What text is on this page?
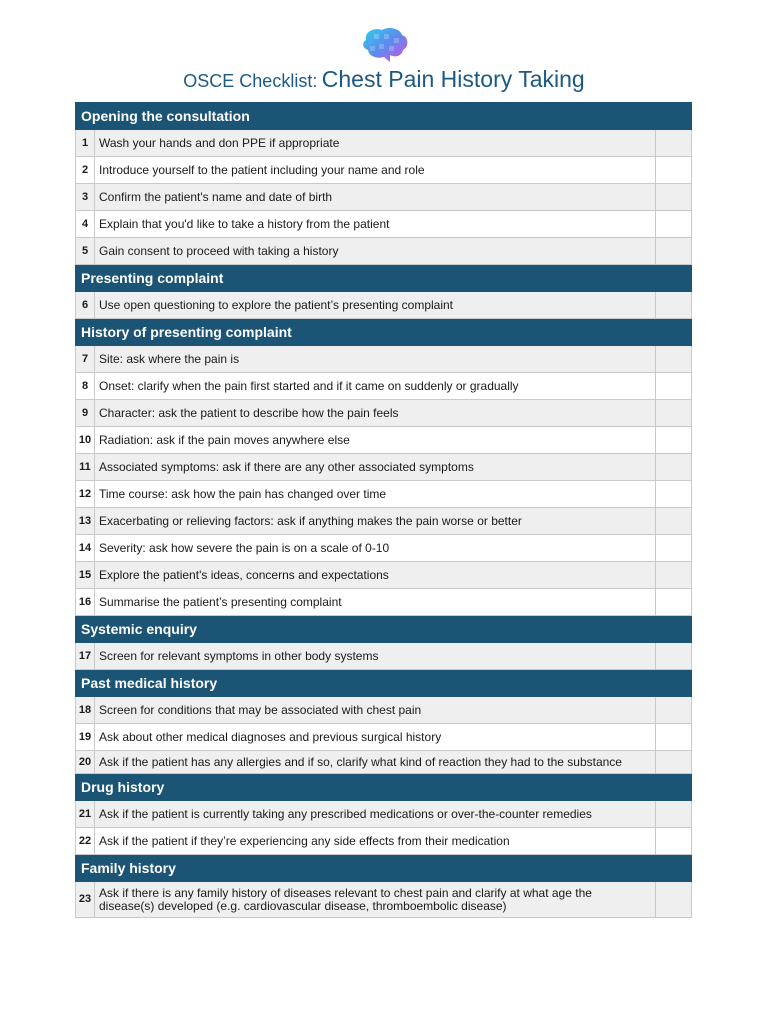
OSCE Checklist: Chest Pain History Taking
Opening the consultation		
1	Wash your hands and don PPE if appropriate	
2	Introduce yourself to the patient including your name and role	
3	Confirm the patient's name and date of birth	
4	Explain that you'd like to take a history from the patient	
5	Gain consent to proceed with taking a history	
Presenting complaint		
6	Use open questioning to explore the patient’s presenting complaint	
History of presenting complaint		
7	Site: ask where the pain is	
8	Onset: clarify when the pain first started and if it came on suddenly or gradually	
9	Character: ask the patient to describe how the pain feels	
10	Radiation: ask if the pain moves anywhere else	
11	Associated symptoms: ask if there are any other associated symptoms	
12	Time course: ask how the pain has changed over time	
13	Exacerbating or relieving factors: ask if anything makes the pain worse or better	
14	Severity: ask how severe the pain is on a scale of 0-10	
15	Explore the patient's ideas, concerns and expectations	
16	Summarise the patient’s presenting complaint	
Systemic enquiry		
17	Screen for relevant symptoms in other body systems	
Past medical history		
18	Screen for conditions that may be associated with chest pain	
19	Ask about other medical diagnoses and previous surgical history	
20	Ask if the patient has any allergies and if so, clarify what kind of reaction they had to the substance	
Drug history		
21	Ask if the patient is currently taking any prescribed medications or over-the-counter remedies	
22	Ask if the patient if they’re experiencing any side effects from their medication	
Family history		
23	Ask if there is any family history of diseases relevant to chest pain and clarify at what age the disease(s) developed (e.g. cardiovascular disease, thromboembolic disease)	
